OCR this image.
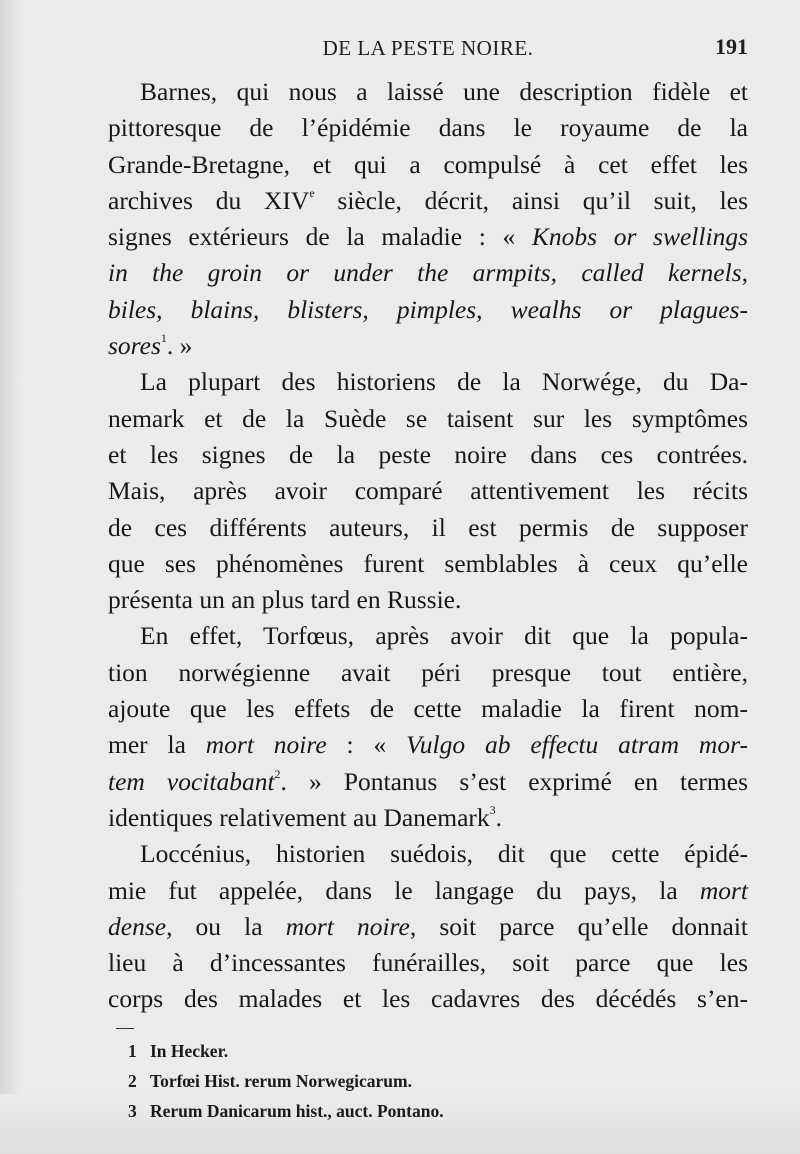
DE LA PESTE NOIRE.	191
Barnes, qui nous a laissé une description fidèle et
pittoresque de l’épidémie dans le royaume de la
Grande-Bretagne, et qui a compulsé à cet effet les
archives du XIVe siècle, décrit, ainsi qu’il suit, les
signes extérieurs de la maladie : « Knobs or swellings
in the groin or under the armpits, called kernels,
biles, blains, blisters, pimples, wealhs or plagues-
sores$^1$. »
La plupart des historiens de la Norwége, du Da-
nemark et de la Suède se taisent sur les symptômes
et les signes de la peste noire dans ces contrées.
Mais, après avoir comparé attentivement les récits
de ces différents auteurs, il est permis de supposer
que ses phénomènes furent semblables à ceux qu’elle
présenta un an plus tard en Russie.
En effet, Torfœus, après avoir dit que la popula-
tion norwégienne avait péri presque tout entière,
ajoute que les effets de cette maladie la firent nom-
mer la mort noire : « Vulgo ab effectu atram mor-
tem vocitabant$^2$. » Pontanus s’est exprimé en termes
identiques relativement au Danemark$^3$.
Loccénius, historien suédois, dit que cette épidé-
mie fut appelée, dans le langage du pays, la mort
dense, ou la mort noire, soit parce qu’elle donnait
lieu à d’incessantes funérailles, soit parce que les
corps des malades et les cadavres des décédés s’en-
1 In Hecker.
2 Torfœi Hist. rerum Norwegicarum.
3 Rerum Danicarum hist., auct. Pontano.
